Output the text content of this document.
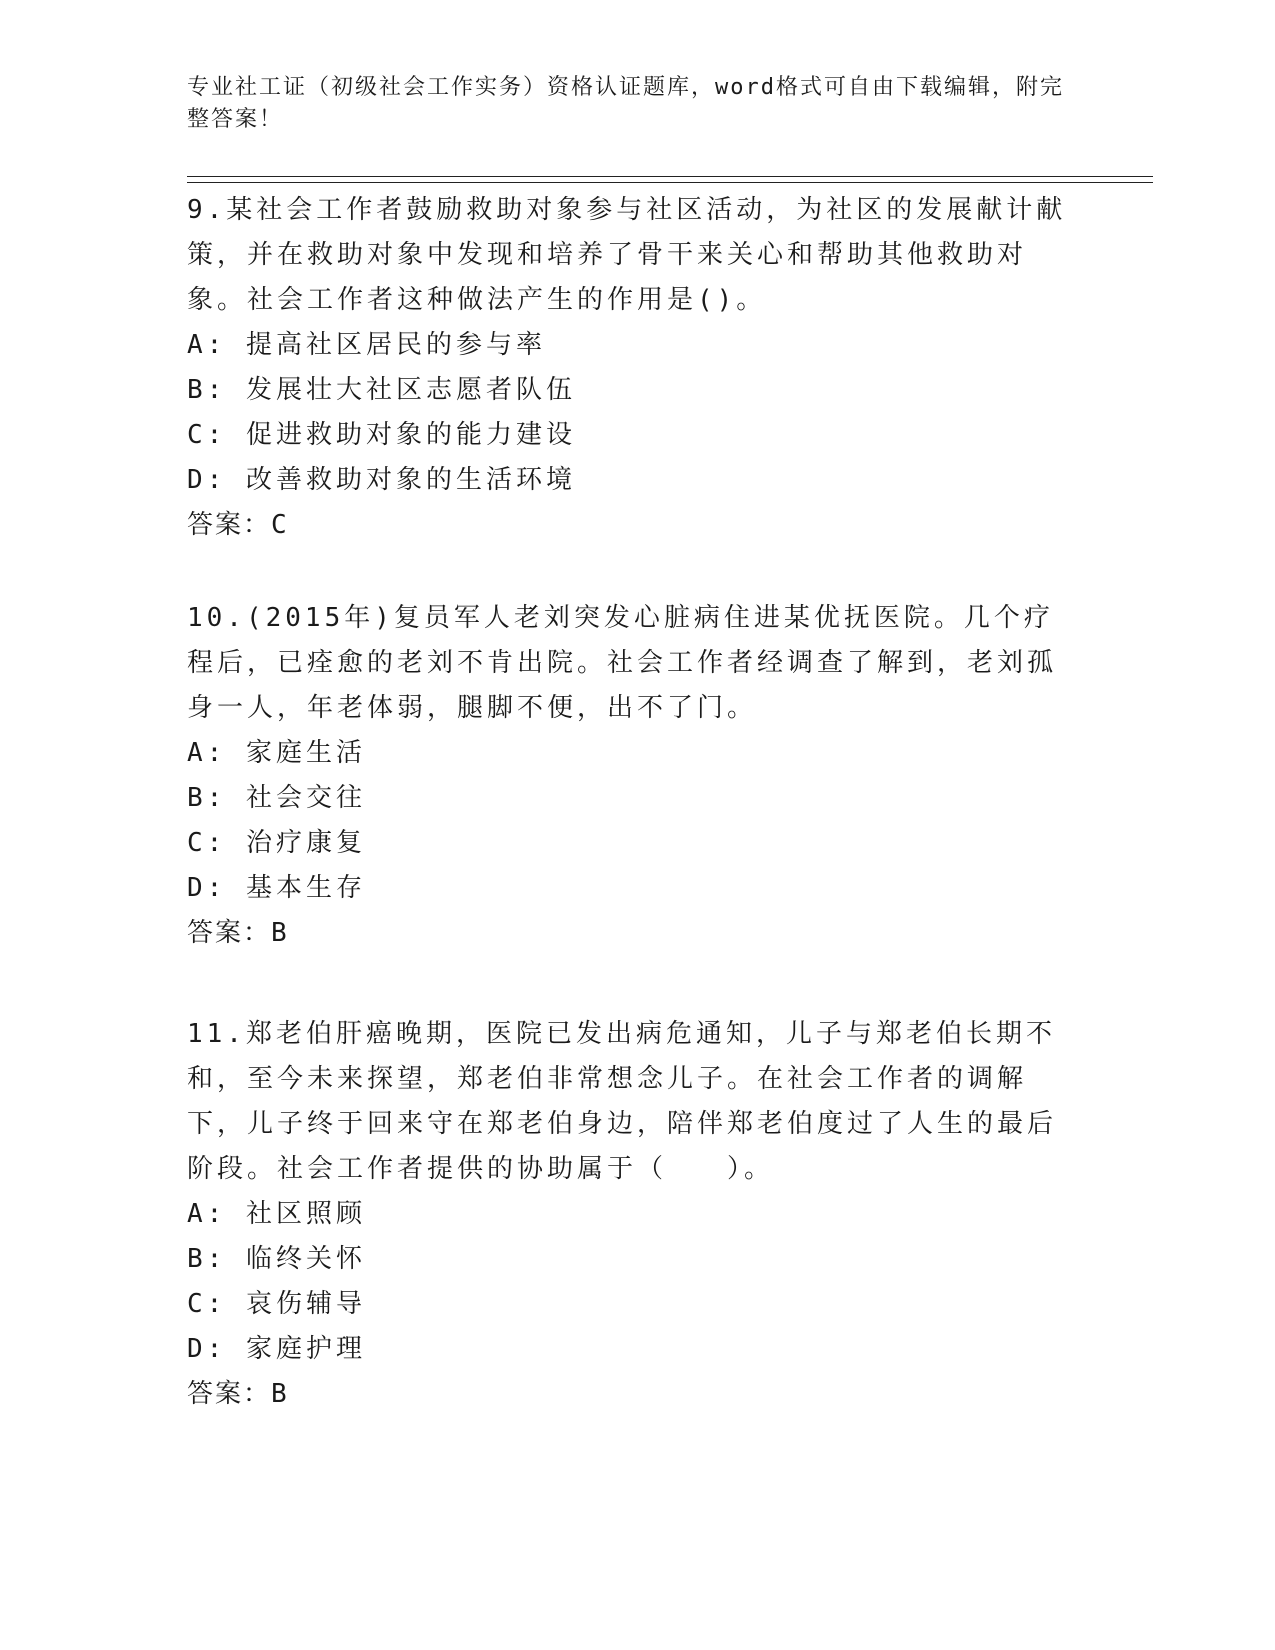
专业社工证（初级社会工作实务）资格认证题库，word格式可自由下载编辑，附完整答案！

9.某社会工作者鼓励救助对象参与社区活动，为社区的发展献计献策，并在救助对象中发现和培养了骨干来关心和帮助其他救助对象。社会工作者这种做法产生的作用是()。

A: 提高社区居民的参与率

B: 发展壮大社区志愿者队伍

C: 促进救助对象的能力建设

D: 改善救助对象的生活环境

答案：C

10.(2015年)复员军人老刘突发心脏病住进某优抚医院。几个疗程后，已痊愈的老刘不肯出院。社会工作者经调查了解到，老刘孤身一人，年老体弱，腿脚不便，出不了门。

A: 家庭生活

B: 社会交往

C: 治疗康复

D: 基本生存

答案：B

11.郑老伯肝癌晚期，医院已发出病危通知，儿子与郑老伯长期不和，至今未来探望，郑老伯非常想念儿子。在社会工作者的调解下，儿子终于回来守在郑老伯身边，陪伴郑老伯度过了人生的最后阶段。社会工作者提供的协助属于（　　）。

A: 社区照顾

B: 临终关怀

C: 哀伤辅导

D: 家庭护理

答案：B
